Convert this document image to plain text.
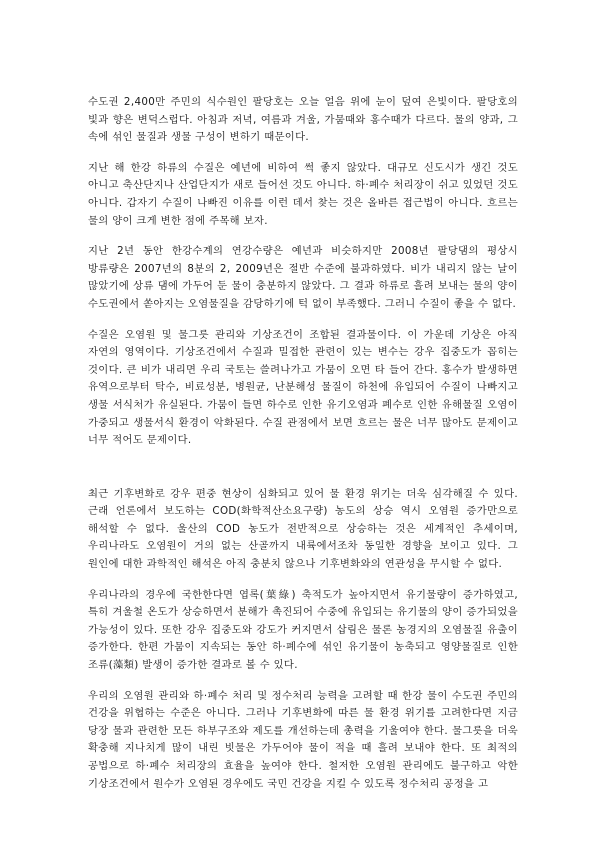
수도권 2,400만 주민의 식수원인 팔당호는 오늘 얼음 위에 눈이 덮여 은빛이다. 팔당호의 빛과 향은 변덕스럽다. 아침과 저녁, 여름과 겨울, 가뭄때와 홍수때가 다르다. 물의 양과, 그 속에 섞인 물질과 생물 구성이 변하기 때문이다.

지난 해 한강 하류의 수질은 예년에 비하여 썩 좋지 않았다. 대규모 신도시가 생긴 것도 아니고 축산단지나 산업단지가 새로 들어선 것도 아니다. 하·폐수 처리장이 쉬고 있었던 것도 아니다. 갑자기 수질이 나빠진 이유를 이런 데서 찾는 것은 올바른 접근법이 아니다. 흐르는 물의 양이 크게 변한 점에 주목해 보자.

지난 2년 동안 한강수계의 연강수량은 예년과 비슷하지만 2008년 팔당댐의 평상시 방류량은 2007년의 8분의 2, 2009년은 절반 수준에 불과하였다. 비가 내리지 않는 날이 많았기에 상류 댐에 가두어 둔 물이 충분하지 않았다. 그 결과 하류로 흘려 보내는 물의 양이 수도권에서 쏟아지는 오염물질을 감당하기에 턱 없이 부족했다. 그러니 수질이 좋을 수 없다.

수질은 오염원 및 물그릇 관리와 기상조건이 조합된 결과물이다. 이 가운데 기상은 아직 자연의 영역이다. 기상조건에서 수질과 밀접한 관련이 있는 변수는 강우 집중도가 꼽히는 것이다. 큰 비가 내리면 우리 국토는 쓸려나가고 가뭄이 오면 타 들어 간다. 홍수가 발생하면 유역으로부터 탁수, 비료성분, 병원균, 난분해성 물질이 하천에 유입되어 수질이 나빠지고 생물 서식처가 유실된다. 가뭄이 들면 하수로 인한 유기오염과 폐수로 인한 유해물질 오염이 가중되고 생물서식 환경이 악화된다. 수질 관점에서 보면 흐르는 물은 너무 많아도 문제이고 너무 적어도 문제이다.

최근 기후변화로 강우 편중 현상이 심화되고 있어 물 환경 위기는 더욱 심각해질 수 있다. 근래 언론에서 보도하는 COD(화학적산소요구량) 농도의 상승 역시 오염원 증가만으로 해석할 수 없다. 울산의 COD 농도가 전반적으로 상승하는 것은 세계적인 추세이며, 우리나라도 오염원이 거의 없는 산골까지 내륙에서조차 동일한 경향을 보이고 있다. 그 원인에 대한 과학적인 해석은 아직 충분치 않으나 기후변화와의 연관성을 무시할 수 없다.

우리나라의 경우에 국한한다면 엽록(葉綠) 축적도가 높아지면서 유기물량이 증가하였고, 특히 겨울철 온도가 상승하면서 분해가 촉진되어 수중에 유입되는 유기물의 양이 증가되었을 가능성이 있다. 또한 강우 집중도와 강도가 커지면서 삽림은 물론 농경지의 오염물질 유출이 증가한다. 한편 가뭄이 지속되는 동안 하·폐수에 섞인 유기물이 농축되고 영양물질로 인한 조류(藻類) 발생이 증가한 결과로 볼 수 있다.

우리의 오염원 관리와 하·폐수 처리 및 정수처리 능력을 고려할 때 한강 물이 수도권 주민의 건강을 위협하는 수준은 아니다. 그러나 기후변화에 따른 물 환경 위기를 고려한다면 지금 당장 물과 관련한 모든 하부구조와 제도를 개선하는데 총력을 기울여야 한다. 물그릇을 더욱 확충해 지나치게 많이 내린 빗물은 가두어야 물이 적을 때 흘려 보내야 한다. 또 최적의 공법으로 하·폐수 처리장의 효율을 높여야 한다. 철저한 오염원 관리에도 불구하고 악한 기상조건에서 원수가 오염된 경우에도 국민 건강을 지킬 수 있도록 정수처리 공정을 고
